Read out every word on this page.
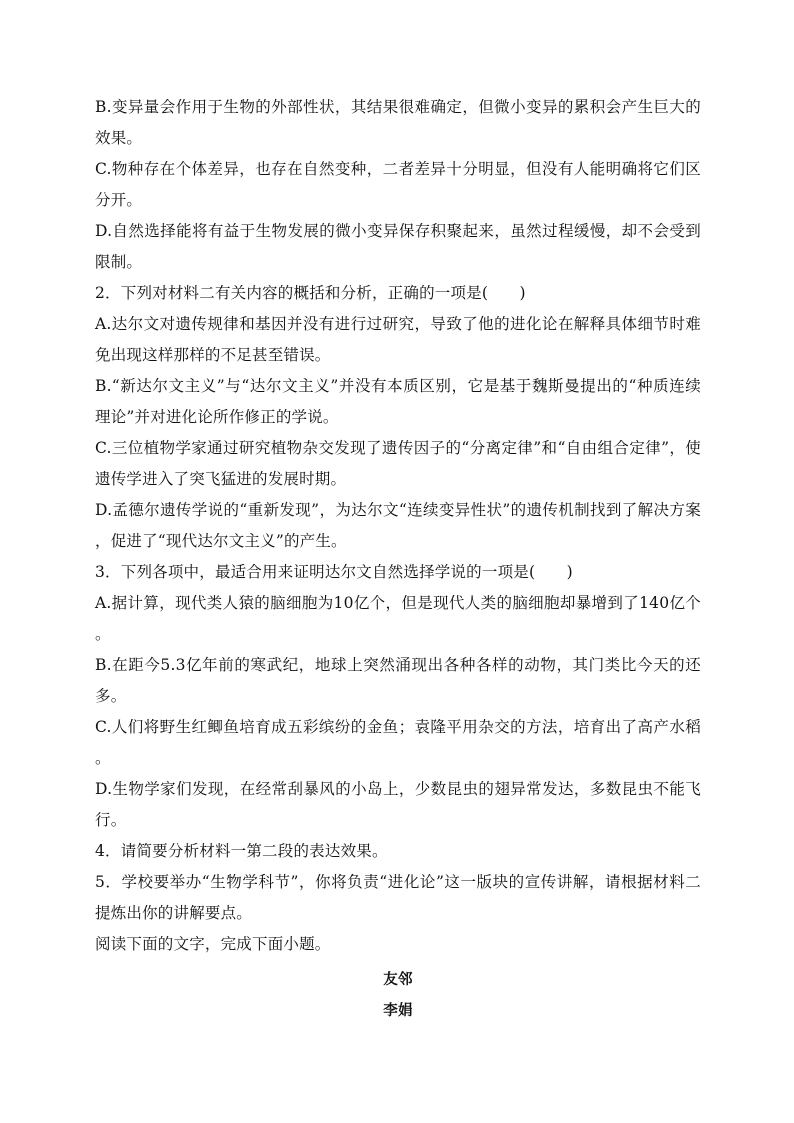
B.变异量会作用于生物的外部性状，其结果很难确定，但微小变异的累积会产生巨大的效果。

C.物种存在个体差异，也存在自然变种，二者差异十分明显，但没有人能明确将它们区分开。

D.自然选择能将有益于生物发展的微小变异保存积聚起来，虽然过程缓慢，却不会受到限制。

2．下列对材料二有关内容的概括和分析，正确的一项是(　　)

A.达尔文对遗传规律和基因并没有进行过研究，导致了他的进化论在解释具体细节时难免出现这样那样的不足甚至错误。

B.“新达尔文主义”与“达尔文主义”并没有本质区别，它是基于魏斯曼提出的“种质连续理论”并对进化论所作修正的学说。

C.三位植物学家通过研究植物杂交发现了遗传因子的“分离定律”和“自由组合定律”，使遗传学进入了突飞猛进的发展时期。

D.孟德尔遗传学说的“重新发现”，为达尔文“连续变异性状”的遗传机制找到了解决方案，促进了“现代达尔文主义”的产生。

3．下列各项中，最适合用来证明达尔文自然选择学说的一项是(　　)

A.据计算，现代类人猿的脑细胞为10亿个，但是现代人类的脑细胞却暴增到了140亿个。

B.在距今5.3亿年前的寒武纪，地球上突然涌现出各种各样的动物，其门类比今天的还多。

C.人们将野生红鲫鱼培育成五彩缤纷的金鱼；袁隆平用杂交的方法，培育出了高产水稻。

D.生物学家们发现，在经常刮暴风的小岛上，少数昆虫的翅异常发达，多数昆虫不能飞行。

4．请简要分析材料一第二段的表达效果。

5．学校要举办“生物学科节”，你将负责“进化论”这一版块的宣传讲解，请根据材料二提炼出你的讲解要点。

阅读下面的文字，完成下面小题。

友邻

李娟
